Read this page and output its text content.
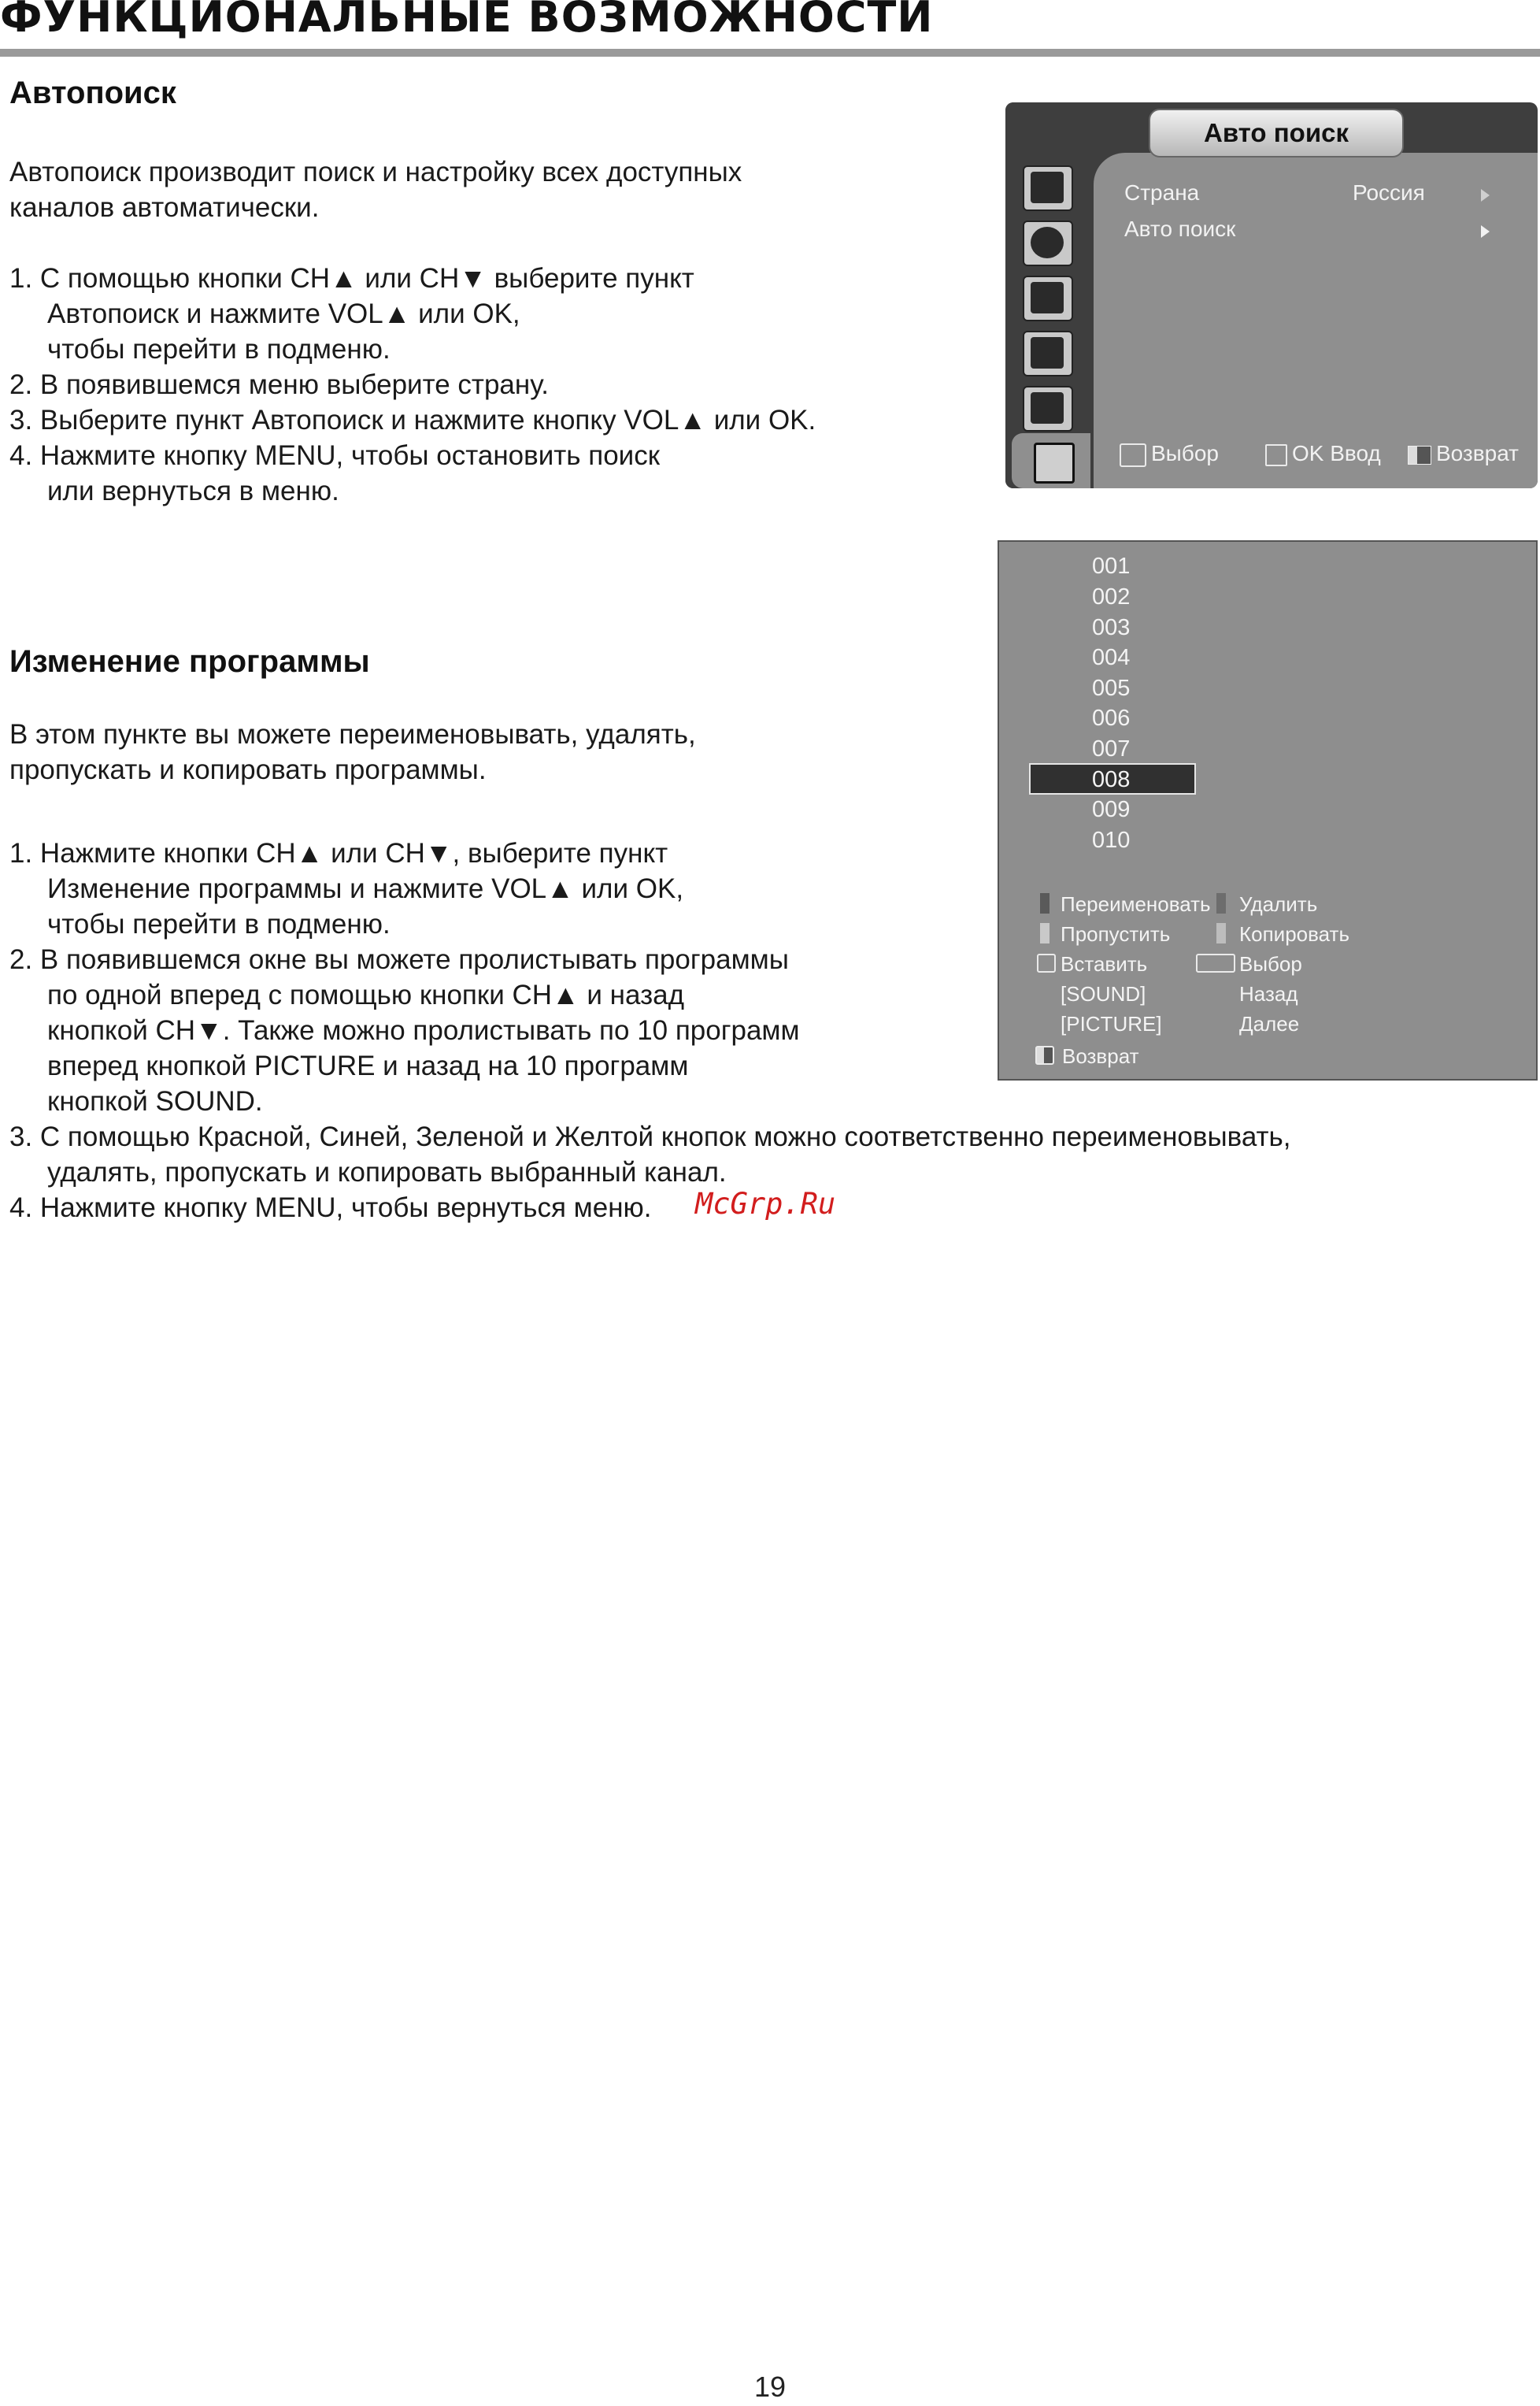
ФУНКЦИОНАЛЬНЫЕ ВОЗМОЖНОСТИ
Автопоиск

Автопоиск производит поиск и настройку всех доступных
каналов автоматически.

1. С помощью кнопки CH▲ или CH▼ выберите пункт
Автопоиск и нажмите VOL▲ или OK,
чтобы перейти в подменю.
2. В появившемся меню выберите страну.
3. Выберите пункт Автопоиск и нажмите кнопку VOL▲ или OK.
4. Нажмите кнопку MENU, чтобы остановить поиск
или вернуться в меню.
Авто поиск
Страна	Россия
Авто поиск
Выбор	OK Ввод	Возврат
Изменение программы

В этом пункте вы можете переименовывать, удалять,
пропускать и копировать программы.

1. Нажмите кнопки CH▲ или CH▼, выберите пункт
Изменение программы и нажмите VOL▲ или OK,
чтобы перейти в подменю.
2. В появившемся окне вы можете пролистывать программы
по одной вперед с помощью кнопки CH▲ и назад
кнопкой CH▼. Также можно пролистывать по 10 программ
вперед кнопкой PICTURE и назад на 10 программ
кнопкой SOUND.
3. С помощью Красной, Синей, Зеленой и Желтой кнопок можно соответственно переименовывать,
удалять, пропускать и копировать выбранный канал.
4. Нажмите кнопку MENU, чтобы вернуться меню.
001
002
003
004
005
006
007
008
009
010
Переименовать Удалить
Пропустить	Копировать
Вставить	Выбор
[SOUND]	Назад
[PICTURE]	Далее
Возврат
McGrp.Ru
19
